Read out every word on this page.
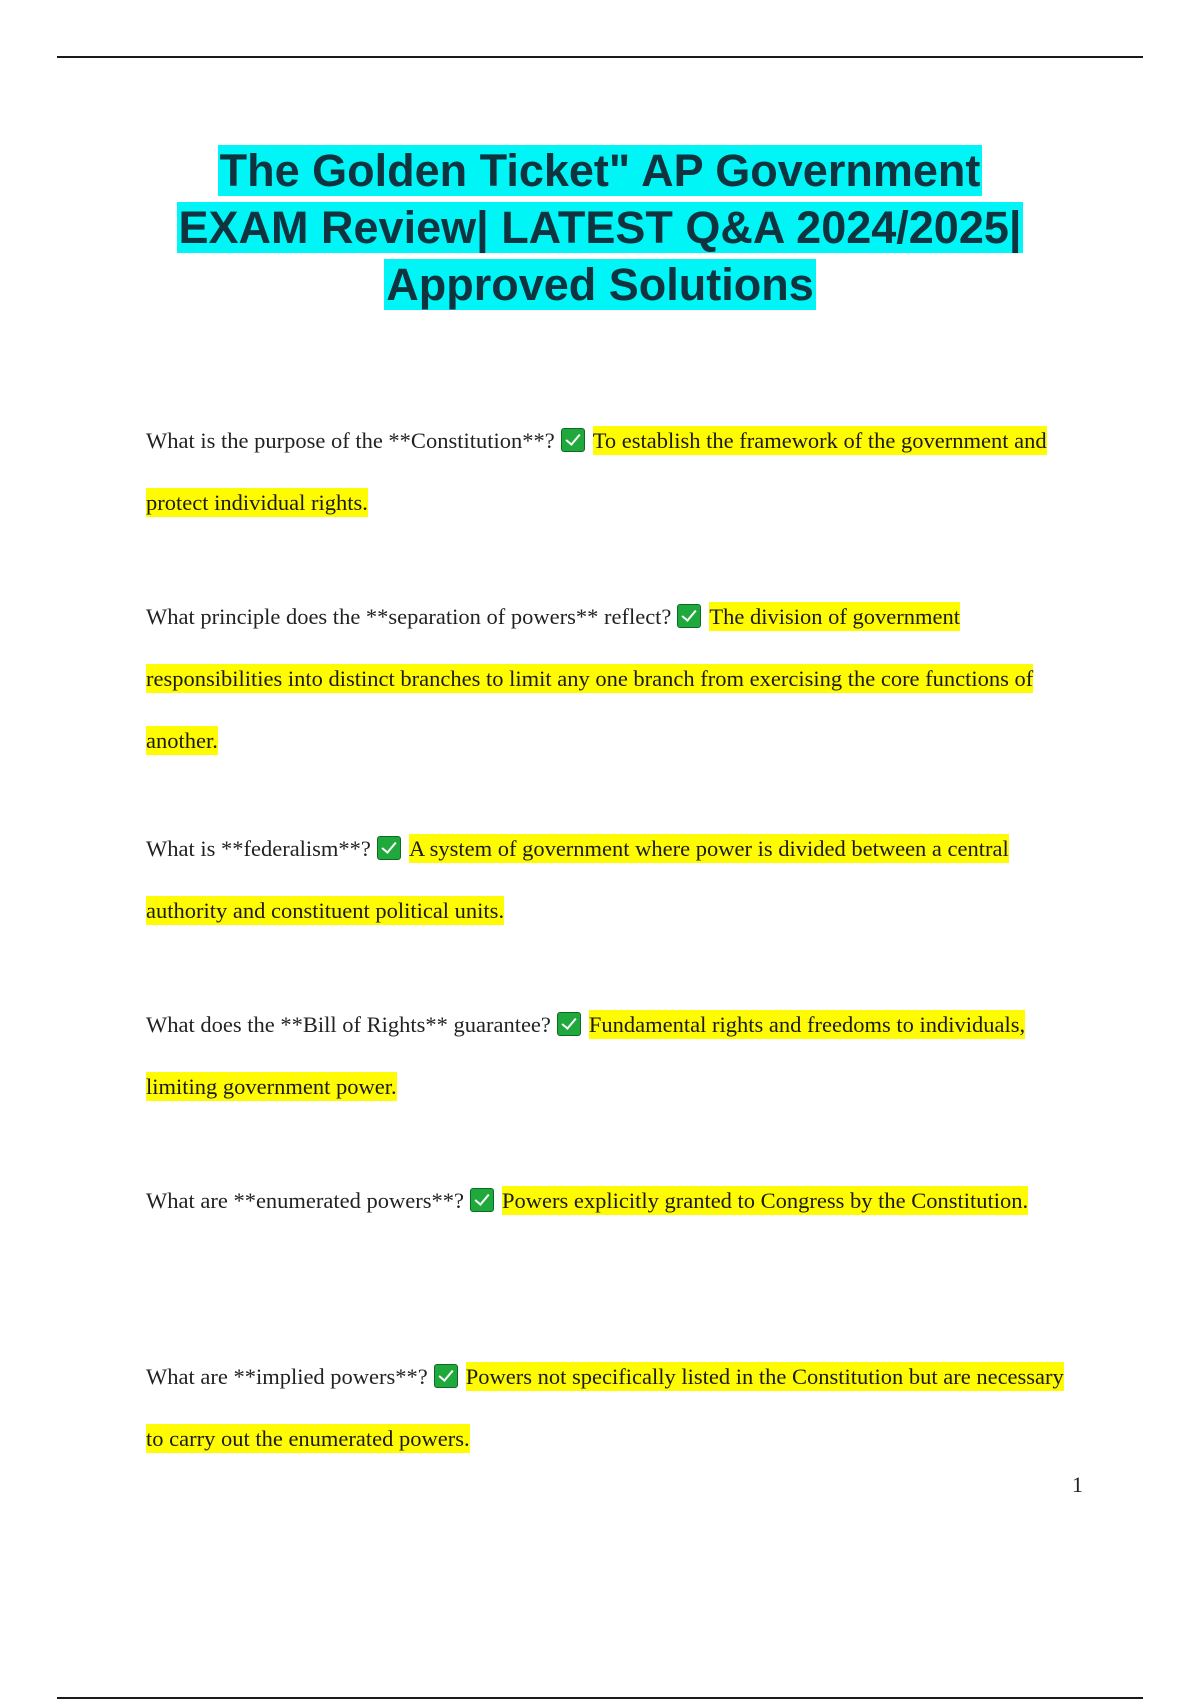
The Golden Ticket" AP Government
EXAM Review| LATEST Q&A 2024/2025|
Approved Solutions
What is the purpose of the **Constitution**? To establish the framework of the government and protect individual rights.
What principle does the **separation of powers** reflect? The division of government responsibilities into distinct branches to limit any one branch from exercising the core functions of another.
What is **federalism**? A system of government where power is divided between a central authority and constituent political units.
What does the **Bill of Rights** guarantee? Fundamental rights and freedoms to individuals, limiting government power.
What are **enumerated powers**? Powers explicitly granted to Congress by the Constitution.
What are **implied powers**? Powers not specifically listed in the Constitution but are necessary to carry out the enumerated powers.
1
